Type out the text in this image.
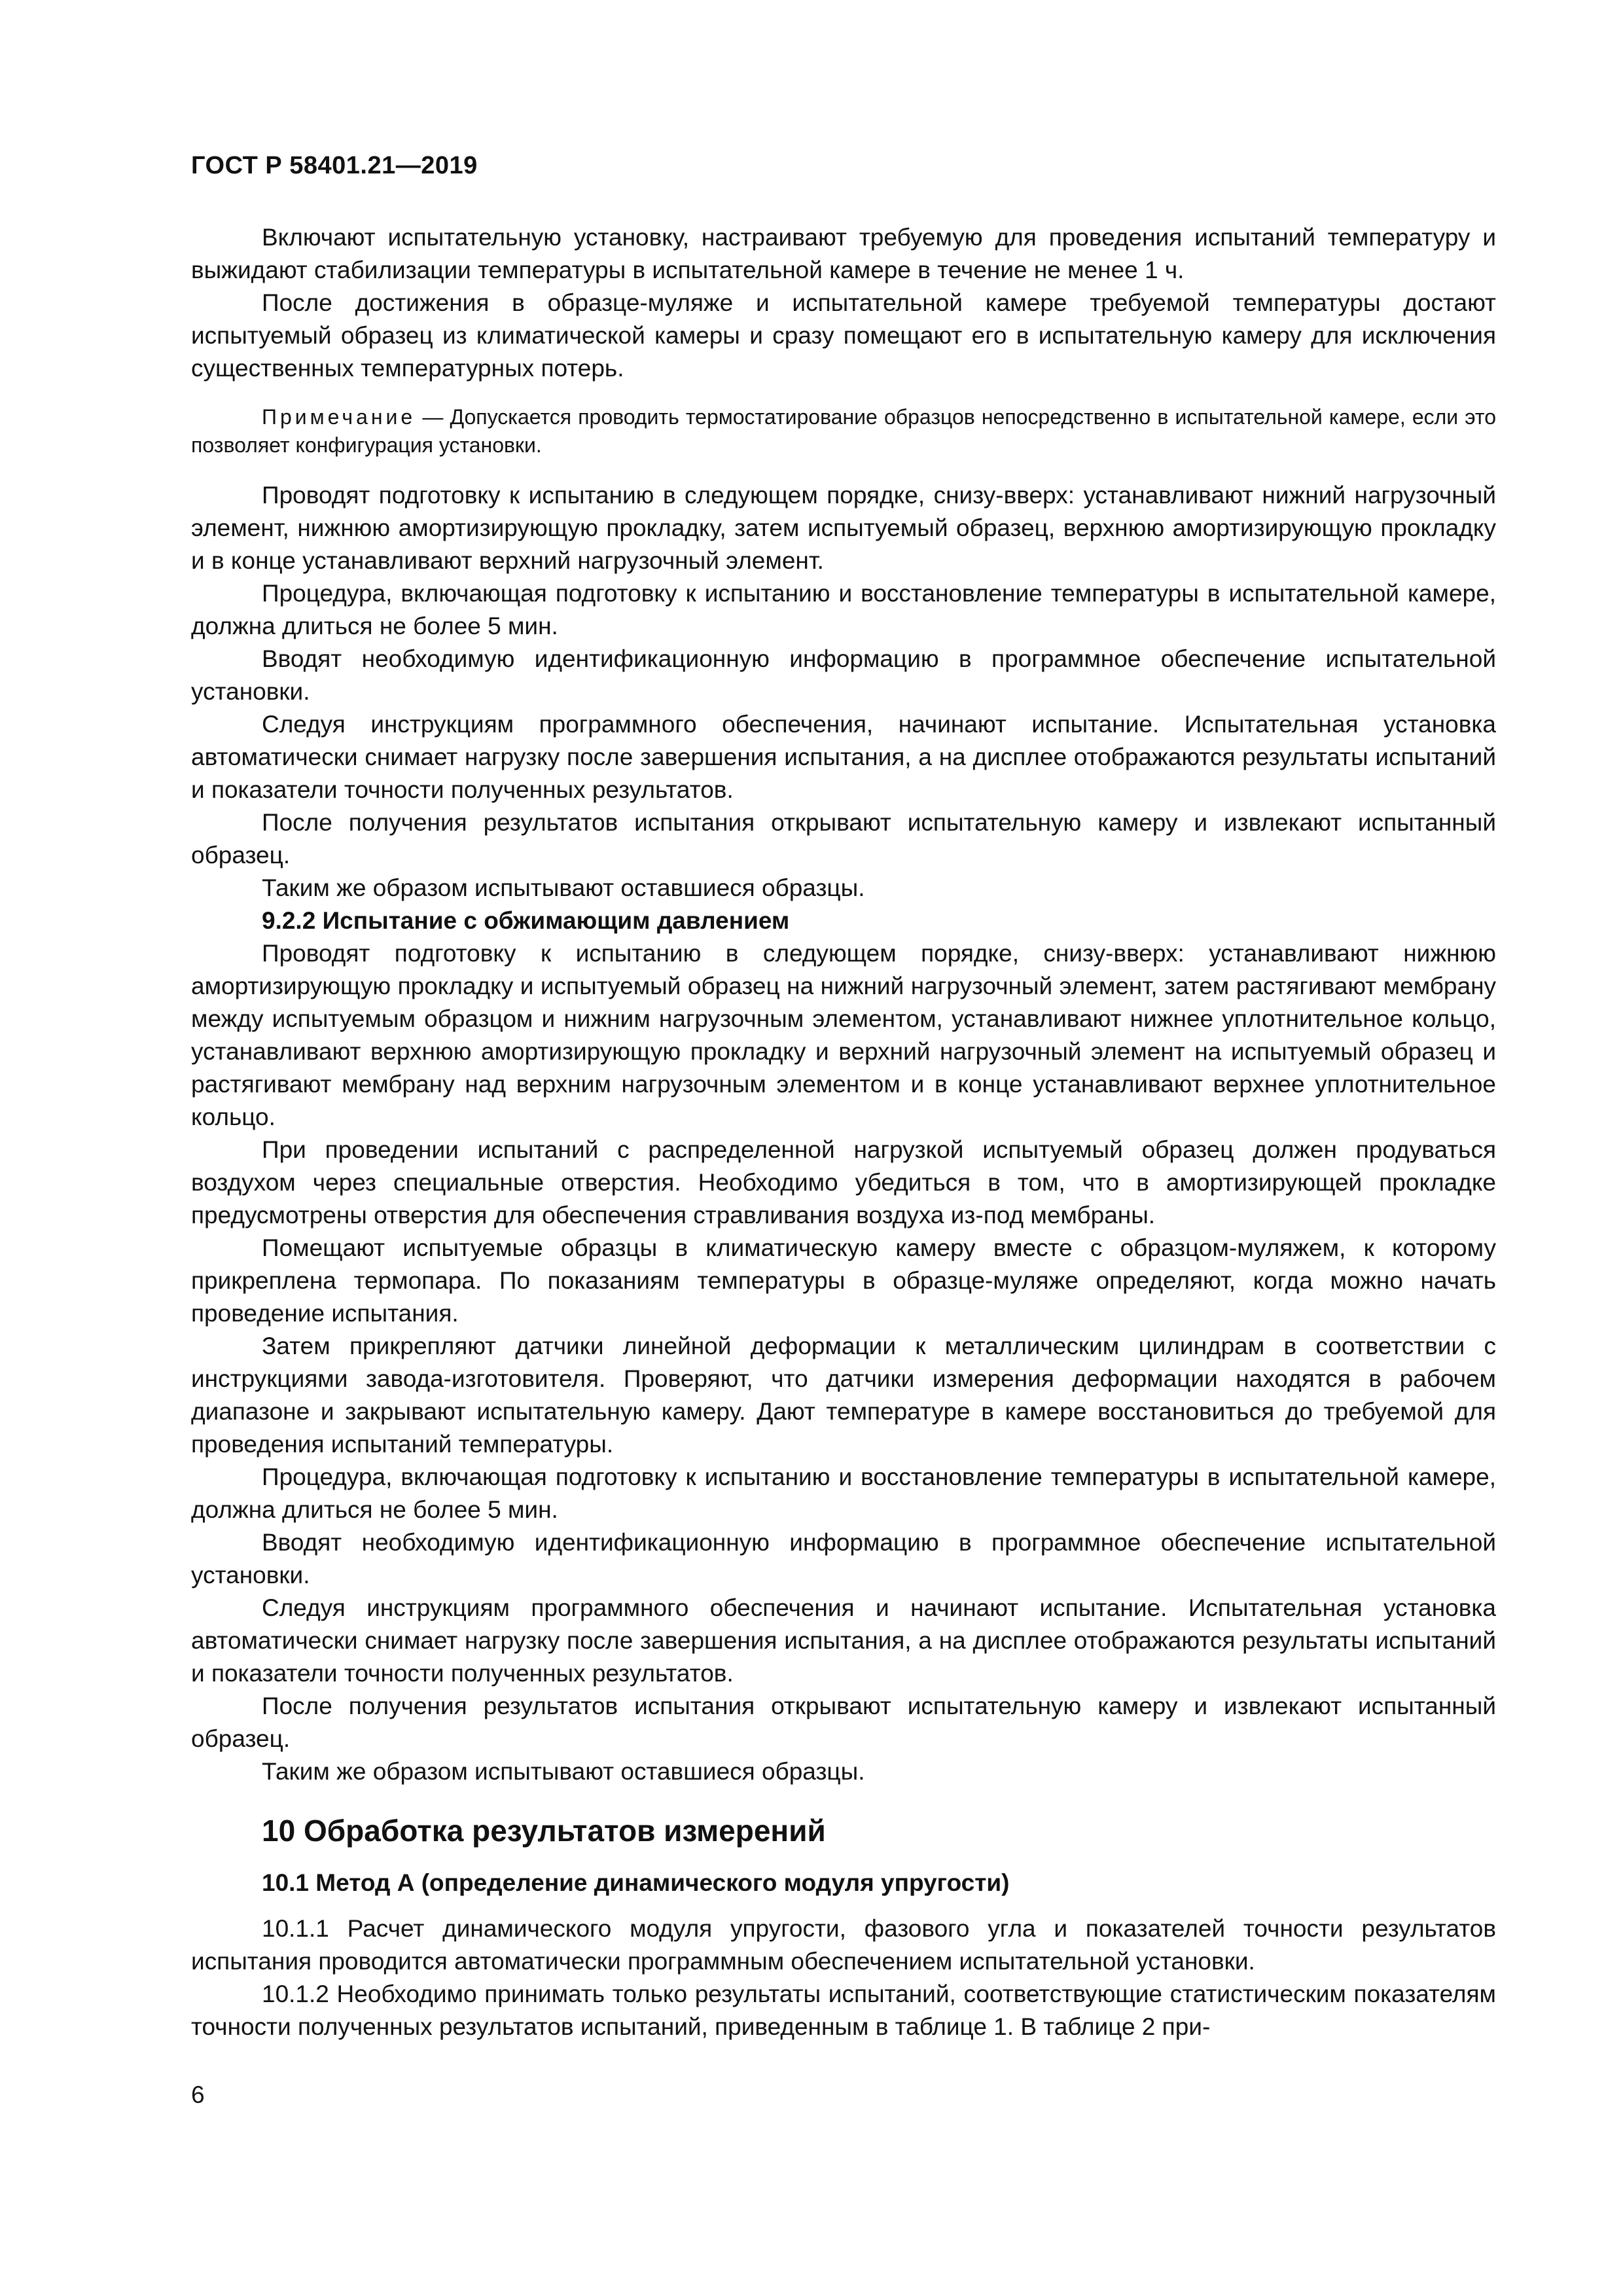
ГОСТ Р 58401.21—2019

Включают испытательную установку, настраивают требуемую для проведения испытаний температуру и выжидают стабилизации температуры в испытательной камере в течение не менее 1 ч.

После достижения в образце-муляже и испытательной камере требуемой температуры достают испытуемый образец из климатической камеры и сразу помещают его в испытательную камеру для исключения существенных температурных потерь.

Примечание — Допускается проводить термостатирование образцов непосредственно в испытательной камере, если это позволяет конфигурация установки.

Проводят подготовку к испытанию в следующем порядке, снизу-вверх: устанавливают нижний нагрузочный элемент, нижнюю амортизирующую прокладку, затем испытуемый образец, верхнюю амортизирующую прокладку и в конце устанавливают верхний нагрузочный элемент.

Процедура, включающая подготовку к испытанию и восстановление температуры в испытательной камере, должна длиться не более 5 мин.

Вводят необходимую идентификационную информацию в программное обеспечение испытательной установки.

Следуя инструкциям программного обеспечения, начинают испытание. Испытательная установка автоматически снимает нагрузку после завершения испытания, а на дисплее отображаются результаты испытаний и показатели точности полученных результатов.

После получения результатов испытания открывают испытательную камеру и извлекают испытанный образец.

Таким же образом испытывают оставшиеся образцы.

9.2.2 Испытание с обжимающим давлением

Проводят подготовку к испытанию в следующем порядке, снизу-вверх: устанавливают нижнюю амортизирующую прокладку и испытуемый образец на нижний нагрузочный элемент, затем растягивают мембрану между испытуемым образцом и нижним нагрузочным элементом, устанавливают нижнее уплотнительное кольцо, устанавливают верхнюю амортизирующую прокладку и верхний нагрузочный элемент на испытуемый образец и растягивают мембрану над верхним нагрузочным элементом и в конце устанавливают верхнее уплотнительное кольцо.

При проведении испытаний с распределенной нагрузкой испытуемый образец должен продуваться воздухом через специальные отверстия. Необходимо убедиться в том, что в амортизирующей прокладке предусмотрены отверстия для обеспечения стравливания воздуха из-под мембраны.

Помещают испытуемые образцы в климатическую камеру вместе с образцом-муляжем, к которому прикреплена термопара. По показаниям температуры в образце-муляже определяют, когда можно начать проведение испытания.

Затем прикрепляют датчики линейной деформации к металлическим цилиндрам в соответствии с инструкциями завода-изготовителя. Проверяют, что датчики измерения деформации находятся в рабочем диапазоне и закрывают испытательную камеру. Дают температуре в камере восстановиться до требуемой для проведения испытаний температуры.

Процедура, включающая подготовку к испытанию и восстановление температуры в испытательной камере, должна длиться не более 5 мин.

Вводят необходимую идентификационную информацию в программное обеспечение испытательной установки.

Следуя инструкциям программного обеспечения и начинают испытание. Испытательная установка автоматически снимает нагрузку после завершения испытания, а на дисплее отображаются результаты испытаний и показатели точности полученных результатов.

После получения результатов испытания открывают испытательную камеру и извлекают испытанный образец.

Таким же образом испытывают оставшиеся образцы.

10 Обработка результатов измерений
10.1 Метод А (определение динамического модуля упругости)

10.1.1 Расчет динамического модуля упругости, фазового угла и показателей точности результатов испытания проводится автоматически программным обеспечением испытательной установки.

10.1.2 Необходимо принимать только результаты испытаний, соответствующие статистическим показателям точности полученных результатов испытаний, приведенным в таблице 1. В таблице 2 при-

6
